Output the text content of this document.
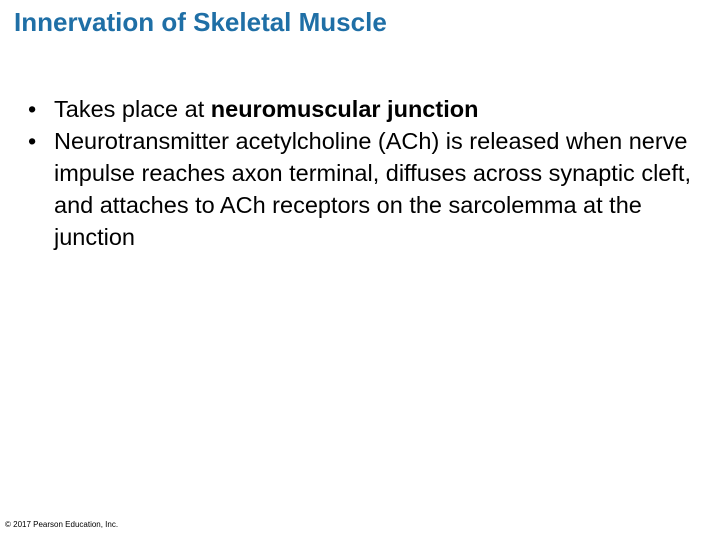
Innervation of Skeletal Muscle
• Takes place at neuromuscular junction
• Neurotransmitter acetylcholine (ACh) is released when nerve impulse reaches axon terminal, diffuses across synaptic cleft, and attaches to ACh receptors on the sarcolemma at the junction
© 2017 Pearson Education, Inc.
